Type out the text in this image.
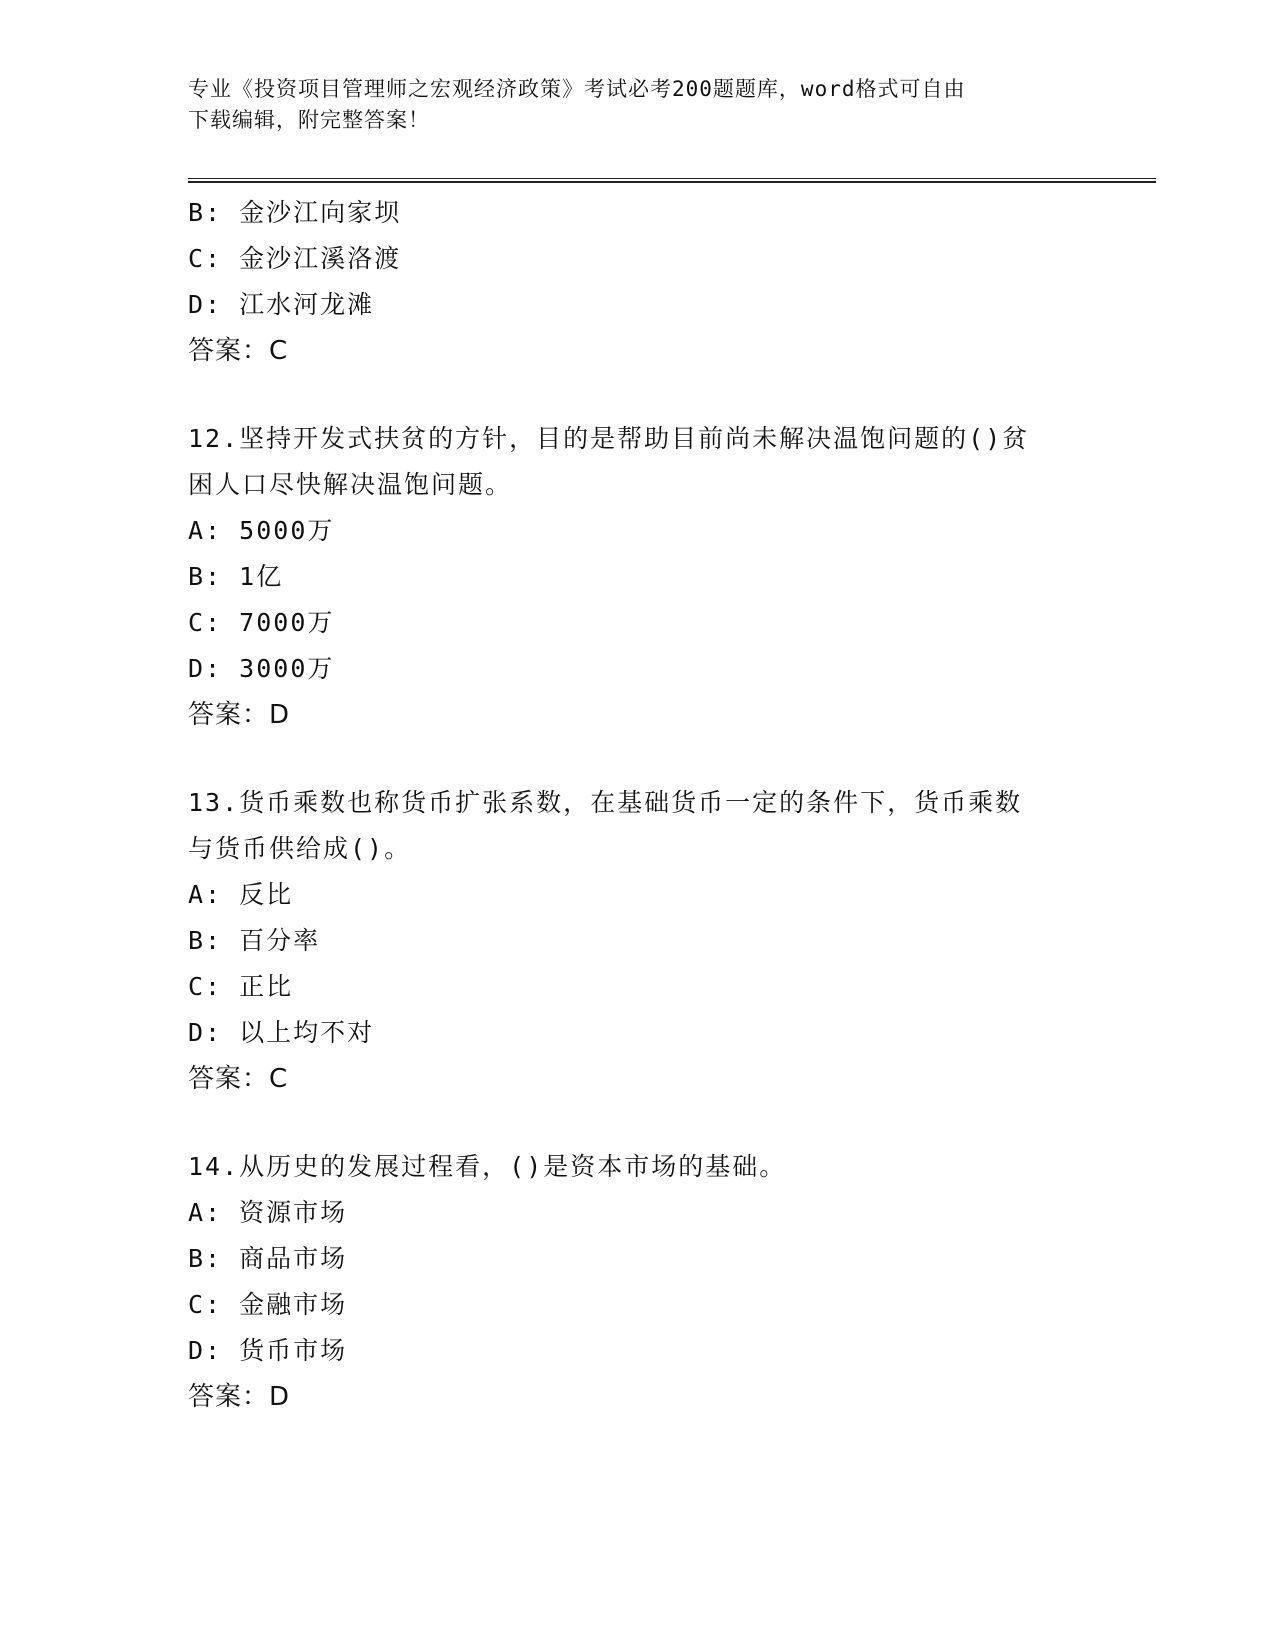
专业《投资项目管理师之宏观经济政策》考试必考200题题库，word格式可自由
下载编辑，附完整答案！
B: 金沙江向家坝
C: 金沙江溪洛渡
D: 江水河龙滩
答案：C
12.坚持开发式扶贫的方针，目的是帮助目前尚未解决温饱问题的()贫
困人口尽快解决温饱问题。
A: 5000万
B: 1亿
C: 7000万
D: 3000万
答案：D
13.货币乘数也称货币扩张系数，在基础货币一定的条件下，货币乘数
与货币供给成()。
A: 反比
B: 百分率
C: 正比
D: 以上均不对
答案：C
14.从历史的发展过程看，()是资本市场的基础。
A: 资源市场
B: 商品市场
C: 金融市场
D: 货币市场
答案：D
